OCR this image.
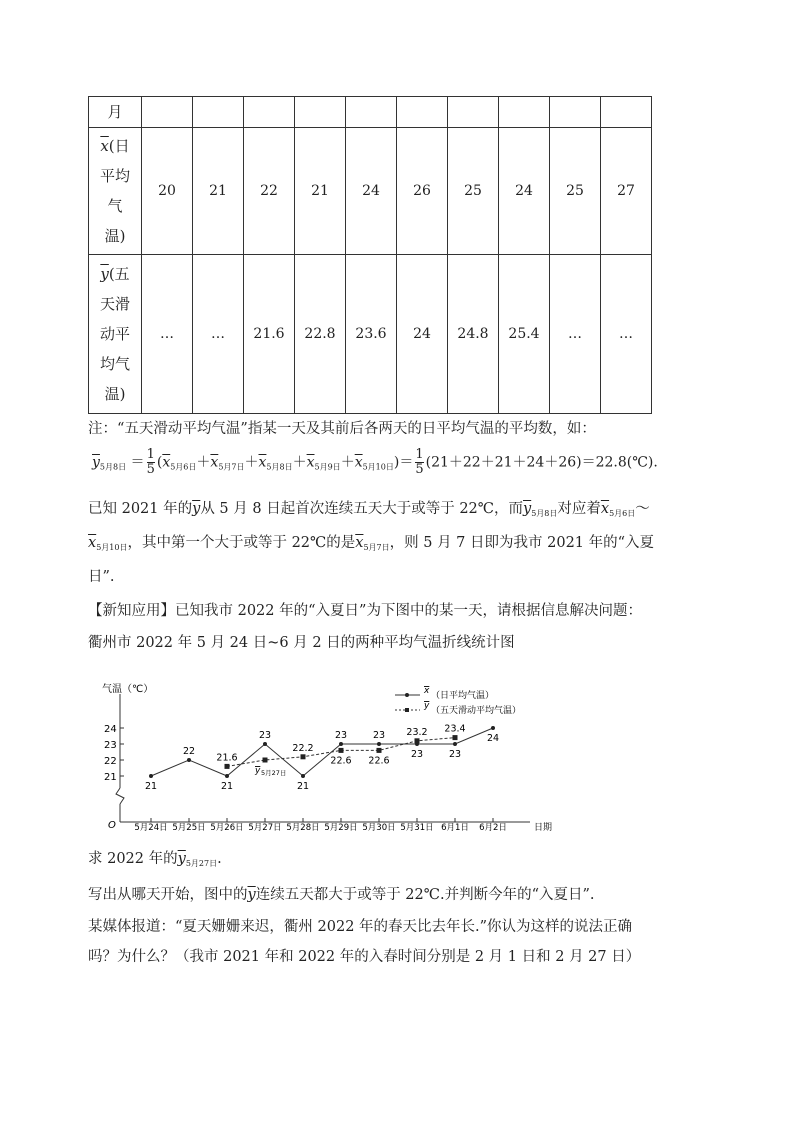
月										
$\overline{x}$(日
平均
气
温)	20	21	22	21	24	26	25	24	25	27
$\overline{y}$(五
天滑
动平
均气
温)	…	…	21.6	22.8	23.6	24	24.8	25.4	…	…
注：“五天滑动平均气温”指某一天及其前后各两天的日平均气温的平均数，如：
$\overline{y}_{5月8日} = \frac{1}{5} (\overline{x}_{5月6日}+\overline{x}_{5月7日}+\overline{x}_{5月8日}+\overline{x}_{5月9日}+\overline{x}_{5月10日})= \frac{1}{5}$ (21＋22＋21＋24＋26)＝22.8(℃).
已知 2021 年的$\overline{y}$从 5 月 8 日起首次连续五天大于或等于 22℃，而$\overline{y}_{5月8日}$对应着$\overline{x}_{5月6日}\sim$
$\overline{x}_{5月10日}$，其中第一个大于或等于 22℃的是$\overline{x}_{5月7日}$，则 5 月 7 日即为我市 2021 年的“入夏
日”.
【新知应用】已知我市 2022 年的“入夏日”为下图中的某一天，请根据信息解决问题：
衢州市 2022 年 5 月 24 日~6 月 2 日的两种平均气温折线统计图
O
气温（℃）
日期
21
22
23
24
5月24日 5月25日 5月26日 5月27日 5月28日 5月29日 5月30日 5月31日 6月1日 6月2日
x （日平均气温）
y （五天滑动平均气温）
21
22
21
23
21
23	23
23	23
24
21.6
22.2
22.6 22.6
23.2 23.4
y 5月27日
求 2022 年的$\overline{y}_{5月27日}$.
写出从哪天开始，图中的$\overline{y}$连续五天都大于或等于 22℃.并判断今年的“入夏日”.
某媒体报道：“夏天姗姗来迟，衢州 2022 年的春天比去年长.”你认为这样的说法正确
吗？为什么？（我市 2021 年和 2022 年的入春时间分别是 2 月 1 日和 2 月 27 日）
